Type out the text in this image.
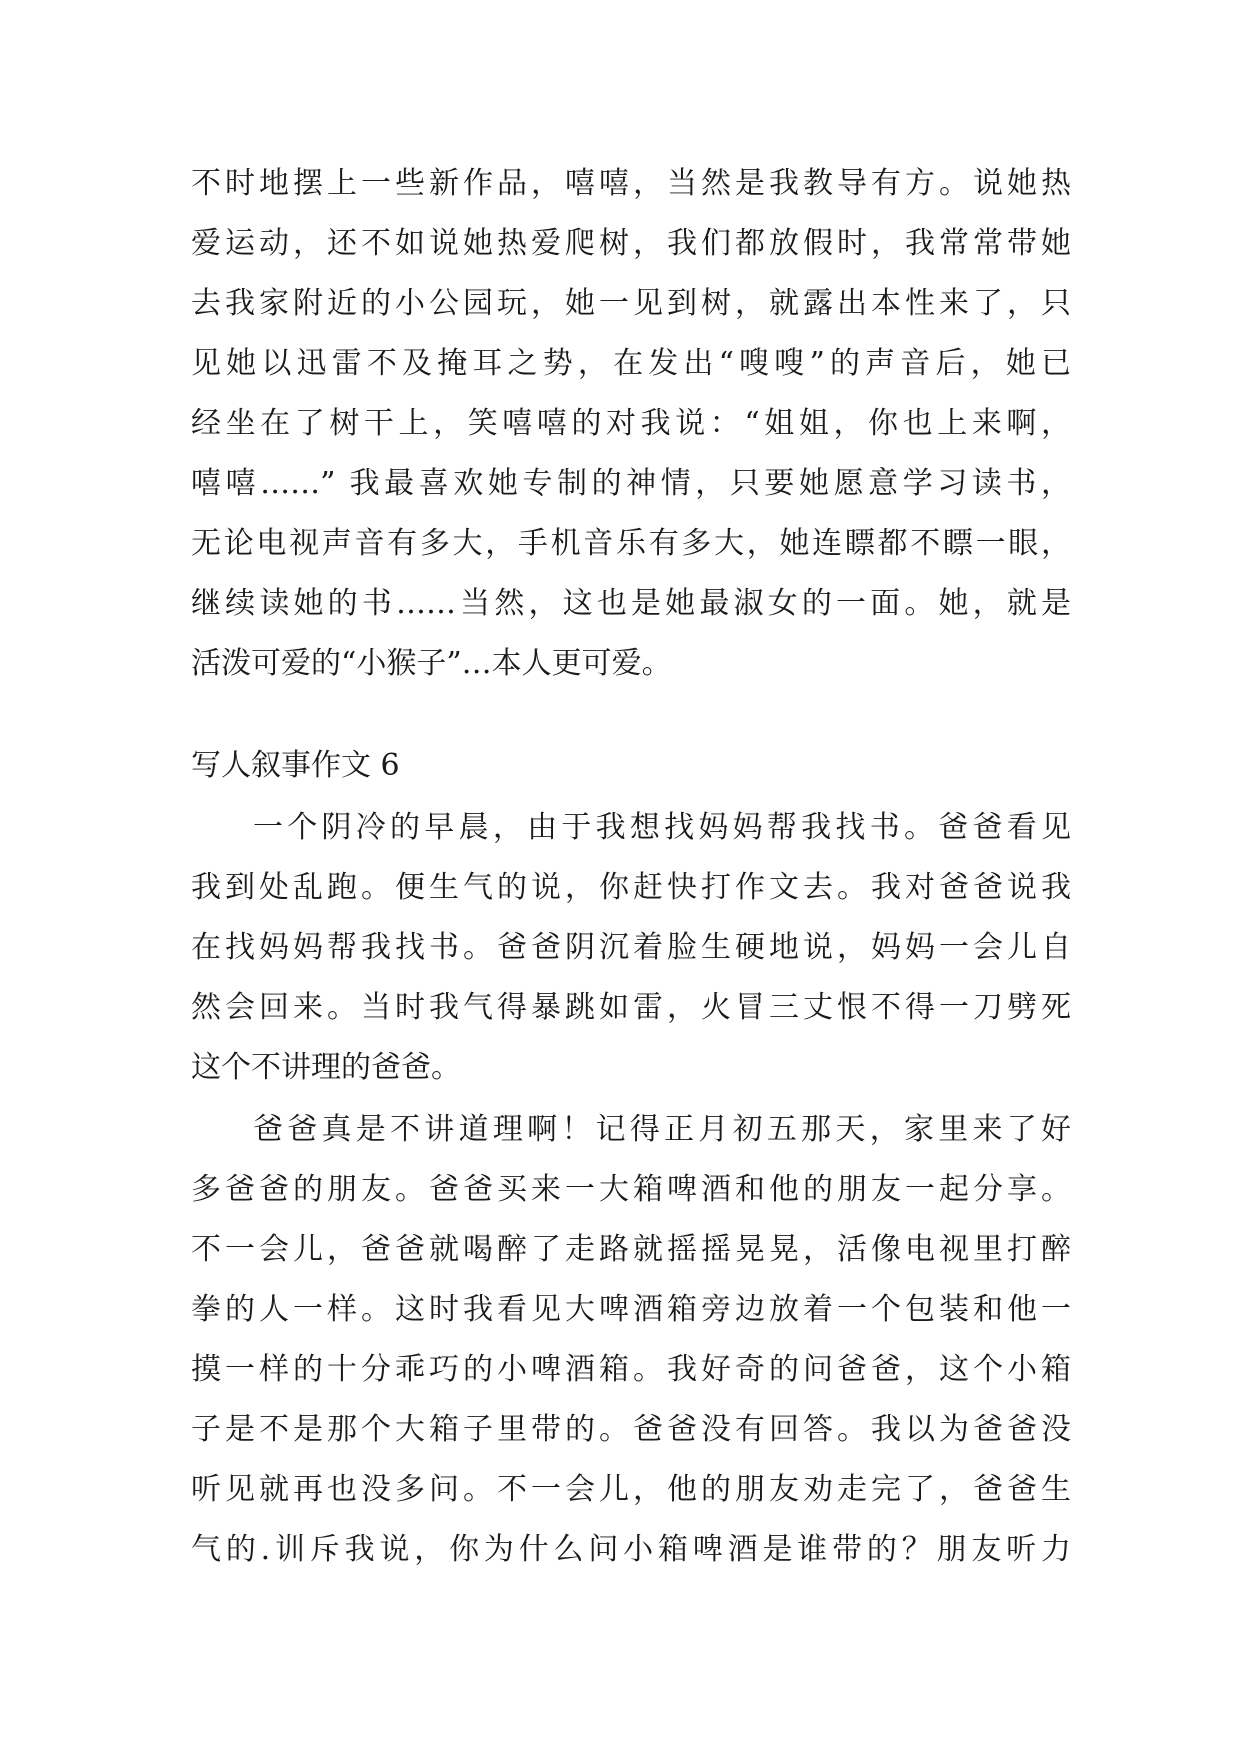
不时地摆上一些新作品，嘻嘻，当然是我教导有方。说她热
爱运动，还不如说她热爱爬树，我们都放假时，我常常带她
去我家附近的小公园玩，她一见到树，就露出本性来了，只
见她以迅雷不及掩耳之势，在发出“嗖嗖”的声音后，她已
经坐在了树干上，笑嘻嘻的对我说：“姐姐，你也上来啊，
嘻嘻……” 我最喜欢她专制的神情，只要她愿意学习读书，
无论电视声音有多大，手机音乐有多大，她连瞟都不瞟一眼，
继续读她的书……当然，这也是她最淑女的一面。她，就是
活泼可爱的“小猴子”…本人更可爱。
写人叙事作文 6
一个阴冷的早晨，由于我想找妈妈帮我找书。爸爸看见
我到处乱跑。便生气的说，你赶快打作文去。我对爸爸说我
在找妈妈帮我找书。爸爸阴沉着脸生硬地说，妈妈一会儿自
然会回来。当时我气得暴跳如雷，火冒三丈恨不得一刀劈死
这个不讲理的爸爸。
爸爸真是不讲道理啊！记得正月初五那天，家里来了好
多爸爸的朋友。爸爸买来一大箱啤酒和他的朋友一起分享。
不一会儿，爸爸就喝醉了走路就摇摇晃晃，活像电视里打醉
拳的人一样。这时我看见大啤酒箱旁边放着一个包装和他一
摸一样的十分乖巧的小啤酒箱。我好奇的问爸爸，这个小箱
子是不是那个大箱子里带的。爸爸没有回答。我以为爸爸没
听见就再也没多问。不一会儿，他的朋友劝走完了，爸爸生
气的.训斥我说，你为什么问小箱啤酒是谁带的？朋友听力
